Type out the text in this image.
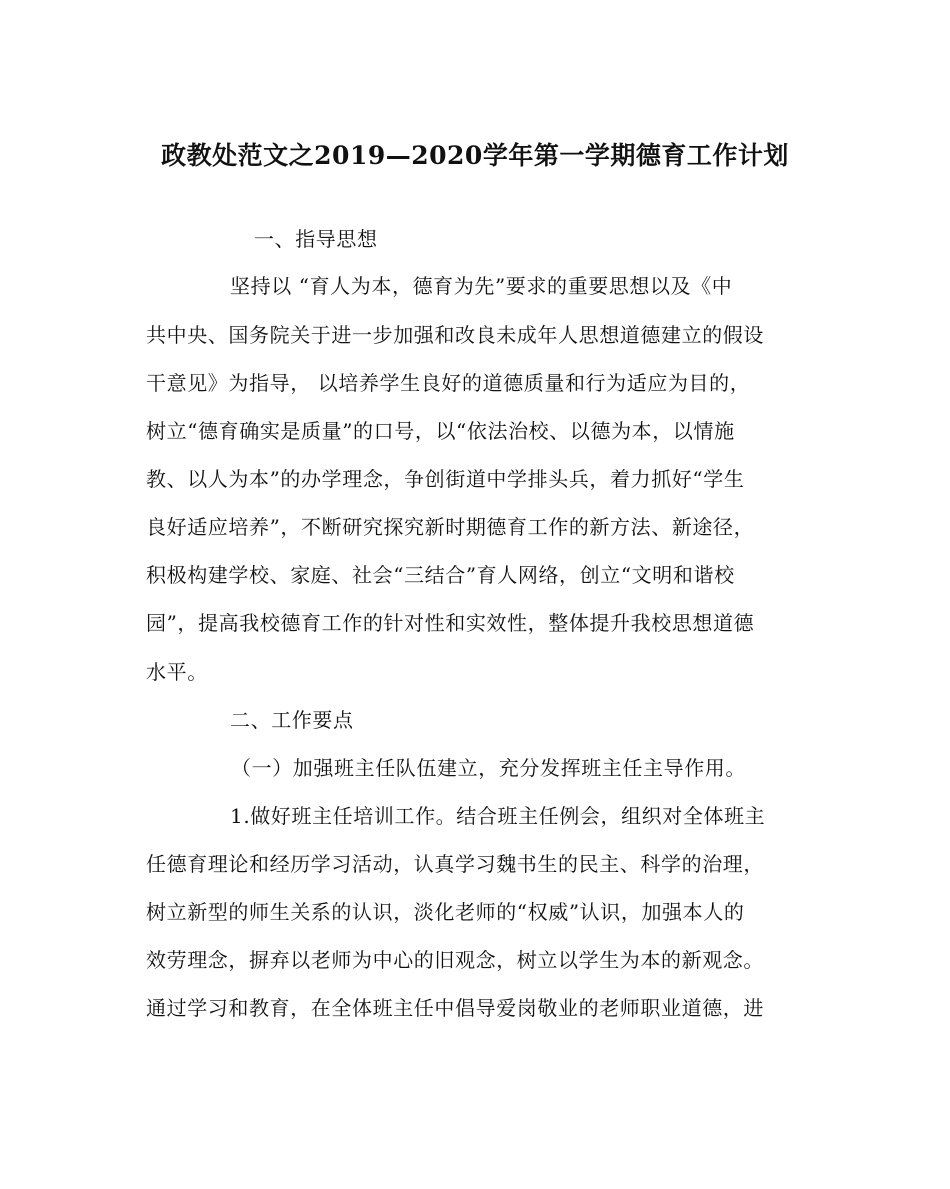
政教处范文之2019—2020学年第一学期德育工作计划
一、指导思想
坚持以 “育人为本，德育为先”要求的重要思想以及《中
共中央、国务院关于进一步加强和改良未成年人思想道德建立的假设
干意见》为指导， 以培养学生良好的道德质量和行为适应为目的，
树立“德育确实是质量”的口号，以“依法治校、以德为本，以情施
教、以人为本”的办学理念，争创街道中学排头兵，着力抓好“学生
良好适应培养”，不断研究探究新时期德育工作的新方法、新途径，
积极构建学校、家庭、社会“三结合”育人网络，创立“文明和谐校
园”，提高我校德育工作的针对性和实效性，整体提升我校思想道德
水平。
二、工作要点
（一）加强班主任队伍建立，充分发挥班主任主导作用。
1.做好班主任培训工作。结合班主任例会，组织对全体班主
任德育理论和经历学习活动，认真学习魏书生的民主、科学的治理，
树立新型的师生关系的认识，淡化老师的“权威”认识，加强本人的
效劳理念，摒弃以老师为中心的旧观念，树立以学生为本的新观念。
通过学习和教育，在全体班主任中倡导爱岗敬业的老师职业道德，进
